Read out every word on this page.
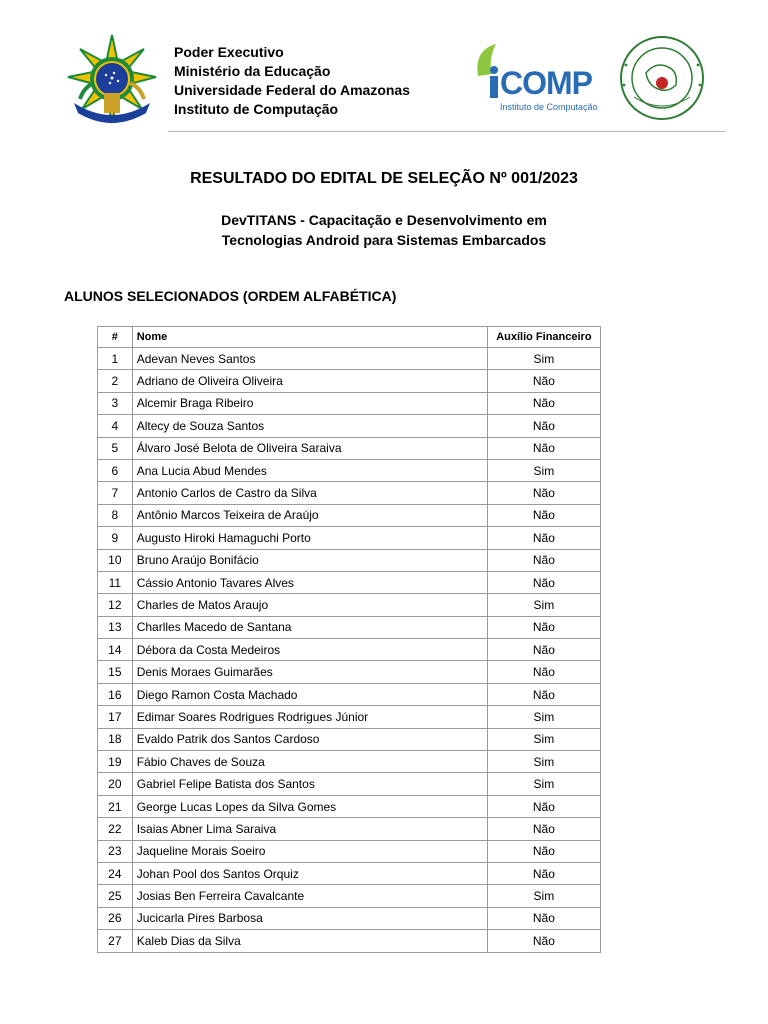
Poder Executivo
Ministério da Educação
Universidade Federal do Amazonas
Instituto de Computação
COMP
Instituto de Computação
RESULTADO DO EDITAL DE SELEÇÃO Nº 001/2023
DevTITANS - Capacitação e Desenvolvimento em
Tecnologias Android para Sistemas Embarcados
ALUNOS SELECIONADOS (ORDEM ALFABÉTICA)
#	Nome	Auxílio Financeiro
1	Adevan Neves Santos	Sim
2	Adriano de Oliveira Oliveira	Não
3	Alcemir Braga Ribeiro	Não
4	Altecy de Souza Santos	Não
5	Álvaro José Belota de Oliveira Saraiva	Não
6	Ana Lucia Abud Mendes	Sim
7	Antonio Carlos de Castro da Silva	Não
8	Antônio Marcos Teixeira de Araújo	Não
9	Augusto Hiroki Hamaguchi Porto	Não
10	Bruno Araújo Bonifácio	Não
11	Cássio Antonio Tavares Alves	Não
12	Charles de Matos Araujo	Sim
13	Charlles Macedo de Santana	Não
14	Débora da Costa Medeiros	Não
15	Denis Moraes Guimarães	Não
16	Diego Ramon Costa Machado	Não
17	Edimar Soares Rodrigues Rodrigues Júnior	Sim
18	Evaldo Patrik dos Santos Cardoso	Sim
19	Fábio Chaves de Souza	Sim
20	Gabriel Felipe Batista dos Santos	Sim
21	George Lucas Lopes da Silva Gomes	Não
22	Isaias Abner Lima Saraiva	Não
23	Jaqueline Morais Soeiro	Não
24	Johan Pool dos Santos Orquiz	Não
25	Josias Ben Ferreira Cavalcante	Sim
26	Jucicarla Pires Barbosa	Não
27	Kaleb Dias da Silva	Não
